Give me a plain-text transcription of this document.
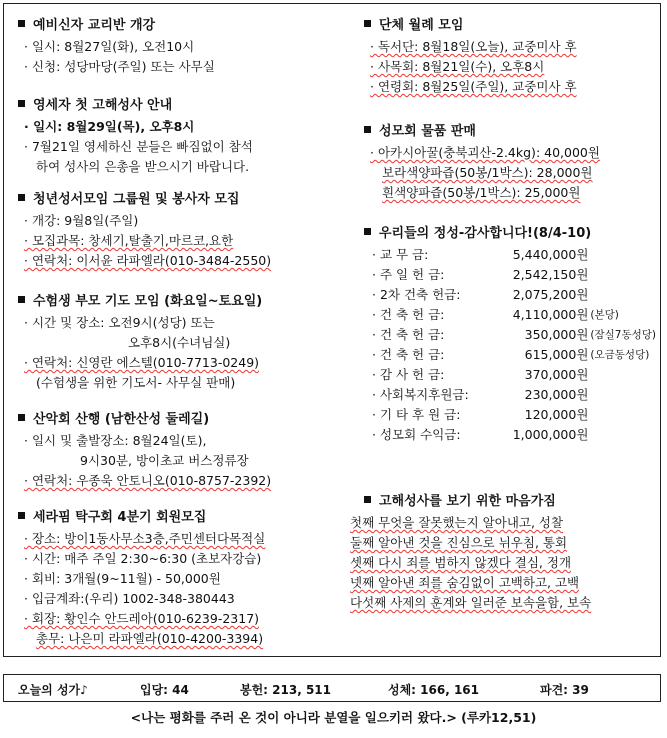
예비신자 교리반 개강
· 일시: 8월27일(화), 오전10시
· 신청: 성당마당(주일) 또는 사무실
영세자 첫 고해성사 안내
· 일시: 8월29일(목), 오후8시
· 7월21일 영세하신 분들은 빠짐없이 참석
하여 성사의 은총을 받으시기 바랍니다.
청년성서모임 그룹원 및 봉사자 모집
· 개강: 9월8일(주일)
· 모집과목: 창세기,탈출기,마르코,요한
· 연락처: 이서윤 라파엘라(010-3484-2550)
수험생 부모 기도 모임 (화요일~토요일)
· 시간 및 장소: 오전9시(성당) 또는
오후8시(수녀님실)
· 연락처: 신영란 에스텔(010-7713-0249)
(수험생을 위한 기도서- 사무실 판매)
산악회 산행 (남한산성 둘레길)
· 일시 및 출발장소: 8월24일(토),
9시30분, 방이초교 버스정류장
· 연락처: 우종욱 안토니오(010-8757-2392)
세라핌 탁구회 4분기 회원모집
· 장소: 방이1동사무소3층,주민센터다목적실
· 시간: 매주 주일 2:30~6:30 (초보자강습)
· 회비: 3개월(9~11월) - 50,000원
· 입금계좌:(우리) 1002-348-380443
· 회장: 황인수 안드레아(010-6239-2317)
총무: 나은미 라파엘라(010-4200-3394)
단체 월례 모임
· 독서단: 8월18일(오늘), 교중미사 후
· 사목회: 8월21일(수), 오후8시
· 연령회: 8월25일(주일), 교중미사 후
성모회 물품 판매
· 아카시아꿀(충북괴산-2.4kg): 40,000원
보라색양파즙(50봉/1박스): 28,000원
흰색양파즙(50봉/1박스): 25,000원
우리들의 정성-감사합니다!(8/4-10)
· 교 무 금:	5,440,000원	
· 주 일 헌 금:	2,542,150원	
· 2차 건축 헌금:	2,075,200원	
· 건 축 헌 금:	4,110,000원	(본당)
· 건 축 헌 금:	350,000원	(잠실7동성당)
· 건 축 헌 금:	615,000원	(오금동성당)
· 감 사 헌 금:	370,000원	
· 사회복지후원금:	230,000원	
· 기 타 후 원 금:	120,000원	
· 성모회 수익금:	1,000,000원	
고해성사를 보기 위한 마음가짐
첫째 무엇을 잘못했는지 알아내고, 성찰
둘째 알아낸 것을 진심으로 뉘우침, 통회
셋째 다시 죄를 범하지 않겠다 결심, 정개
넷째 알아낸 죄를 숨김없이 고백하고, 고백
다섯째 사제의 훈계와 일러준 보속을함, 보속
오늘의 성가♪	입당: 44	봉헌: 213, 511	성체: 166, 161	파견: 39
<나는 평화를 주러 온 것이 아니라 분열을 일으키러 왔다.> (루카12,51)
